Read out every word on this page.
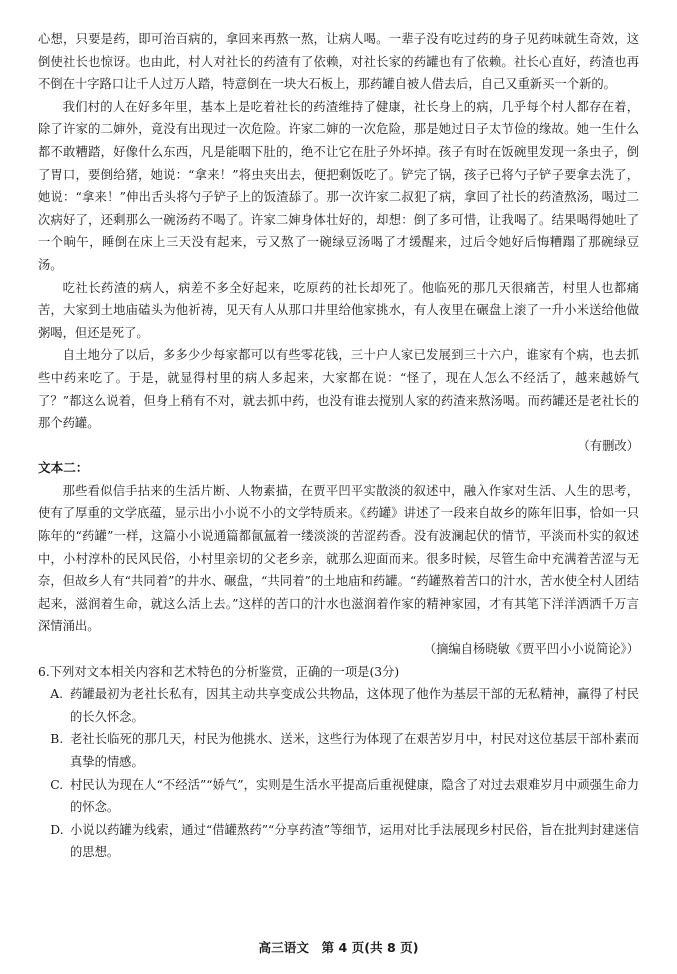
心想，只要是药，即可治百病的，拿回来再熬一熬，让病人喝。一辈子没有吃过药的身子见药味就生奇效，这倒使社长也惊讶。也由此，村人对社长的药渣有了依赖，对社长家的药罐也有了依赖。社长心直好，药渣也再不倒在十字路口让千人过万人踏，特意倒在一块大石板上，那药罐自被人借去后，自己又重新买一个新的。

我们村的人在好多年里，基本上是吃着社长的药渣维持了健康，社长身上的病，几乎每个村人都存在着，除了许家的二婶外，竟没有出现过一次危险。许家二婶的一次危险，那是她过日子太节俭的缘故。她一生什么都不敢糟踏，好像什么东西，凡是能咽下肚的，绝不让它在肚子外坏掉。孩子有时在饭碗里发现一条虫子，倒了胃口，要倒给猪，她说：“拿来！”将虫夹出去，便把剩饭吃了。铲完了锅，孩子已将勺子铲子要拿去洗了，她说：“拿来！”伸出舌头将勺子铲子上的饭渣舔了。那一次许家二叔犯了病，拿回了社长的药渣熬汤，喝过二次病好了，还剩那么一碗汤药不喝了。许家二婶身体壮好的，却想：倒了多可惜，让我喝了。结果喝得她吐了一个晌午，睡倒在床上三天没有起来，亏又熬了一碗绿豆汤喝了才缓醒来，过后令她好后悔糟蹋了那碗绿豆汤。

吃社长药渣的病人，病差不多全好起来，吃原药的社长却死了。他临死的那几天很痛苦，村里人也都痛苦，大家到土地庙磕头为他祈祷，见天有人从那口井里给他家挑水，有人夜里在碾盘上滚了一升小米送给他做粥喝，但还是死了。

自土地分了以后，多多少少每家都可以有些零花钱，三十户人家已发展到三十六户，谁家有个病，也去抓些中药来吃了。于是，就显得村里的病人多起来，大家都在说：“怪了，现在人怎么不经活了，越来越娇气了？”都这么说着，但身上稍有不对，就去抓中药，也没有谁去搅别人家的药渣来熬汤喝。而药罐还是老社长的那个药罐。

（有删改）

文本二：

那些看似信手拈来的生活片断、人物素描，在贾平凹平实散淡的叙述中，融入作家对生活、人生的思考，使有了厚重的文学底蕴，显示出小小说不小的文学特质来。《药罐》讲述了一段来自故乡的陈年旧事，恰如一只陈年的“药罐”一样，这篇小小说通篇都氤氲着一缕淡淡的苦涩药香。没有波澜起伏的情节，平淡而朴实的叙述中，小村淳朴的民风民俗，小村里亲切的父老乡亲，就那么迎面而来。很多时候，尽管生命中充满着苦涩与无奈，但故乡人有“共同着”的井水、碾盘，“共同着”的土地庙和药罐。“药罐熬着苦口的汁水，苦水使全村人团结起来，滋润着生命，就这么活上去。”这样的苦口的汁水也滋润着作家的精神家园，才有其笔下洋洋洒洒千万言深情涌出。

（摘编自杨晓敏《贾平凹小小说简论》）

6.下列对文本相关内容和艺术特色的分析鉴赏，正确的一项是(3分)

A. 药罐最初为老社长私有，因其主动共享变成公共物品，这体现了他作为基层干部的无私精神，赢得了村民的长久怀念。

B. 老社长临死的那几天，村民为他挑水、送米，这些行为体现了在艰苦岁月中，村民对这位基层干部朴素而真挚的情感。

C. 村民认为现在人“不经活”“娇气”，实则是生活水平提高后重视健康，隐含了对过去艰难岁月中顽强生命力的怀念。

D. 小说以药罐为线索，通过“借罐熬药”“分享药渣”等细节，运用对比手法展现乡村民俗，旨在批判封建迷信的思想。

高三语文　第 4 页(共 8 页)
